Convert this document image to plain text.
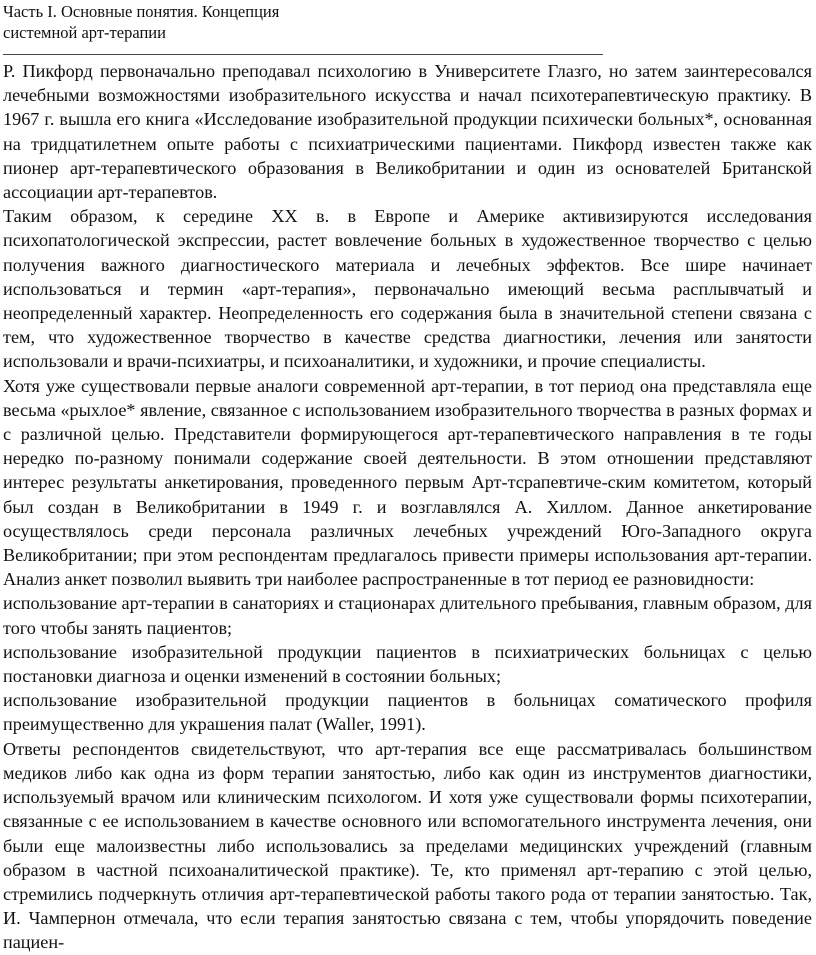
Часть I. Основные понятия. Концепция
системной арт-терапии

Р. Пикфорд первоначально преподавал психологию в Университете Глазго, но затем заинтересовался лечебными возможностями изобразительного искусства и начал психотерапевтическую практику. В 1967 г. вышла его книга «Исследование изобразительной продукции психически больных*, основанная на тридцатилетнем опыте работы с психиатрическими пациентами. Пикфорд известен также как пионер арт-терапевтического образования в Великобритании и один из основателей Британской ассоциации арт-терапевтов.

Таким образом, к середине XX в. в Европе и Америке активизируются исследования психопатологической экспрессии, растет вовлечение больных в художественное творчество с целью получения важного диагностического материала и лечебных эффектов. Все шире начинает использоваться и термин «арт-терапия», первоначально имеющий весьма расплывчатый и неопределенный характер. Неопределенность его содержания была в значительной степени связана с тем, что художественное творчество в качестве средства диагностики, лечения или занятости использовали и врачи-психиатры, и психоаналитики, и художники, и прочие специалисты.

Хотя уже существовали первые аналоги современной арт-терапии, в тот период она представляла еще весьма «рыхлое* явление, связанное с использованием изобразительного творчества в разных формах и с различной целью. Представители формирующегося арт-терапевтического направления в те годы нередко по-разному понимали содержание своей деятельности. В этом отношении представляют интерес результаты анкетирования, проведенного первым Арт-тсрапевтиче-ским комитетом, который был создан в Великобритании в 1949 г. и возглавлялся А. Хиллом. Данное анкетирование осуществлялось среди персонала различных лечебных учреждений Юго-Западного округа Великобритании; при этом респондентам предлагалось привести примеры использования арт-терапии. Анализ анкет позволил выявить три наиболее распространенные в тот период ее разновидности:

использование арт-терапии в санаториях и стационарах длительного пребывания, главным образом, для того чтобы занять пациентов;

использование изобразительной продукции пациентов в психиатрических больницах с целью постановки диагноза и оценки изменений в состоянии больных;

использование изобразительной продукции пациентов в больницах соматического профиля преимущественно для украшения палат (Waller, 1991).

Ответы респондентов свидетельствуют, что арт-терапия все еще рассматривалась большинством медиков либо как одна из форм терапии занятостью, либо как один из инструментов диагностики, используемый врачом или клиническим психологом. И хотя уже существовали формы психотерапии, связанные с ее использованием в качестве основного или вспомогательного инструмента лечения, они были еще малоизвестны либо использовались за пределами медицинских учреждений (главным образом в частной психоаналитической практике). Те, кто применял арт-терапию с этой целью, стремились подчеркнуть отличия арт-терапевтической работы такого рода от терапии занятостью. Так, И. Чампернон отмечала, что если терапия занятостью связана с тем, чтобы упорядочить поведение пациен-
